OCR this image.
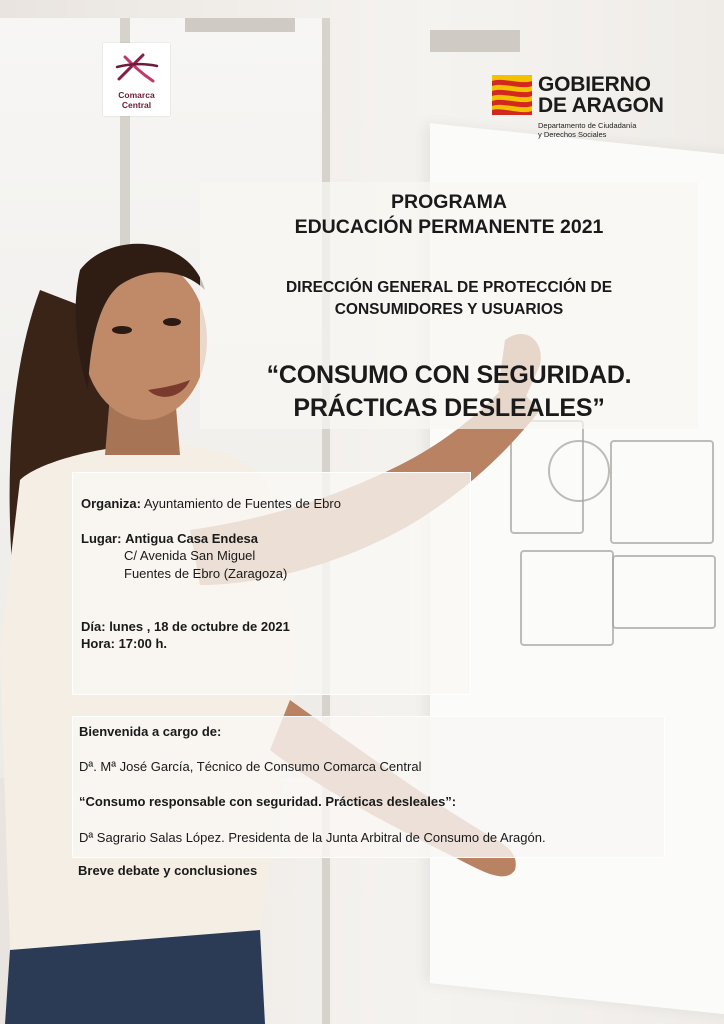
Comarca
Central
GOBIERNO
DE ARAGON
Departamento de Ciudadanía
y Derechos Sociales
PROGRAMA
EDUCACIÓN PERMANENTE 2021
DIRECCIÓN GENERAL DE PROTECCIÓN DE
CONSUMIDORES Y USUARIOS
“CONSUMO CON SEGURIDAD.
PRÁCTICAS DESLEALES”
Organiza: Ayuntamiento de Fuentes de Ebro
Lugar: Antigua Casa Endesa
C/ Avenida San Miguel
Fuentes de Ebro (Zaragoza)
Día: lunes , 18 de octubre de 2021
Hora: 17:00 h.
Bienvenida a cargo de:
Dª. Mª José García, Técnico de Consumo Comarca Central
“Consumo responsable con seguridad. Prácticas desleales”:
Dª Sagrario Salas López. Presidenta de la Junta Arbitral de Consumo de Aragón.
Breve debate y conclusiones
